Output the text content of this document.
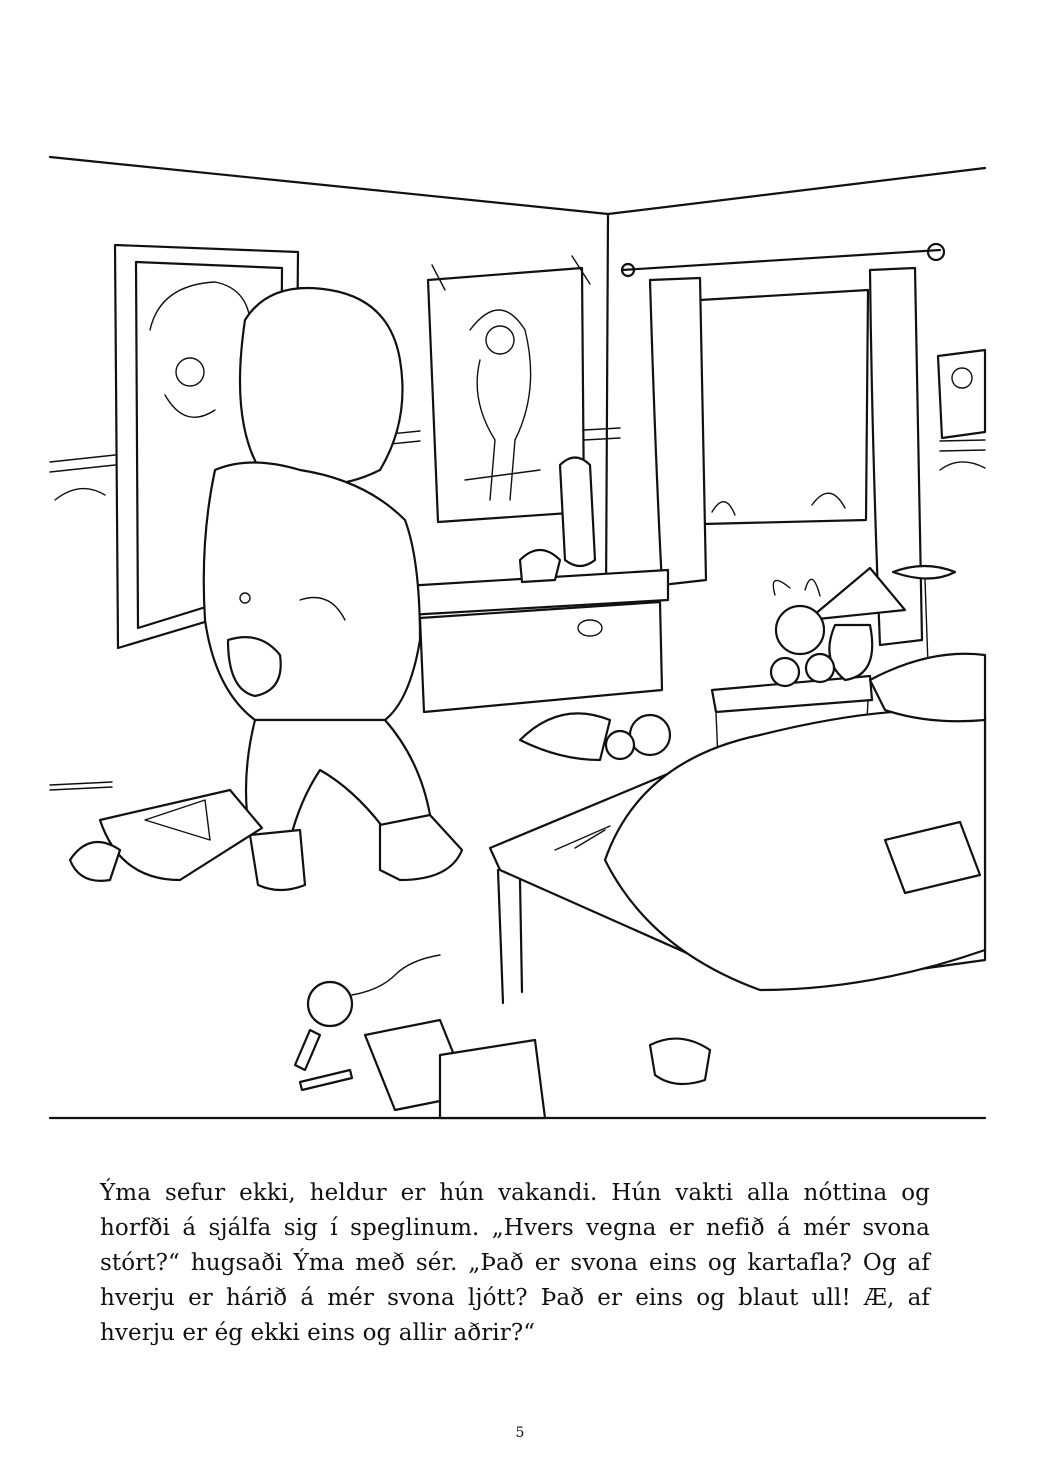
Ýma sefur ekki, heldur er hún vakandi. Hún vakti alla nóttina og horfði á sjálfa sig í speglinum. „Hvers vegna er nefið á mér svona stórt?“ hugsaði Ýma með sér. „Það er svona eins og kartafla? Og af hverju er hárið á mér svona ljótt? Það er eins og blaut ull! Æ, af hverju er ég ekki eins og allir aðrir?“

5
